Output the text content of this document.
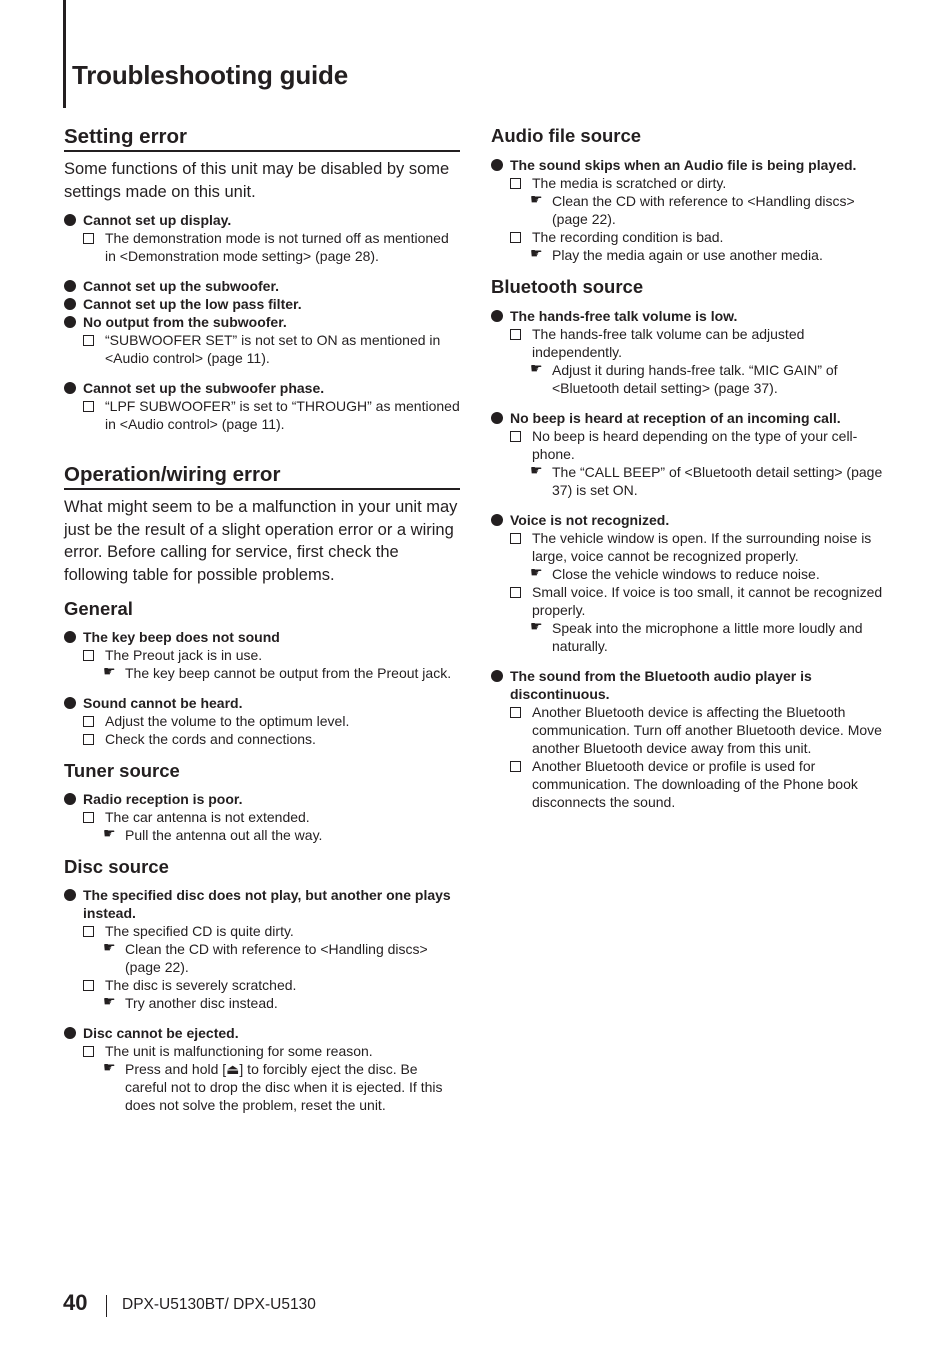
Troubleshooting guide
Setting error

Some functions of this unit may be disabled by some settings made on this unit.

Cannot set up display.
The demonstration mode is not turned off as mentioned in <Demonstration mode setting> (page 28).
Cannot set up the subwoofer.
Cannot set up the low pass filter.
No output from the subwoofer.
“SUBWOOFER SET” is not set to ON as mentioned in <Audio control> (page 11).
Cannot set up the subwoofer phase.
“LPF SUBWOOFER” is set to “THROUGH” as mentioned in <Audio control> (page 11).
Operation/wiring error

What might seem to be a malfunction in your unit may just be the result of a slight operation error or a wiring error. Before calling for service, first check the following table for possible problems.

General
The key beep does not sound
The Preout jack is in use.
☛ The key beep cannot be output from the Preout jack.
Sound cannot be heard.
Adjust the volume to the optimum level.
Check the cords and connections.
Tuner source
Radio reception is poor.
The car antenna is not extended.
☛ Pull the antenna out all the way.
Disc source
The specified disc does not play, but another one plays instead.
The specified CD is quite dirty.
☛ Clean the CD with reference to <Handling discs> (page 22).
The disc is severely scratched.
☛ Try another disc instead.
Disc cannot be ejected.
The unit is malfunctioning for some reason.
☛ Press and hold [⏏] to forcibly eject the disc. Be careful not to drop the disc when it is ejected. If this does not solve the problem, reset the unit.
Audio file source
The sound skips when an Audio file is being played.
The media is scratched or dirty.
☛ Clean the CD with reference to <Handling discs> (page 22).
The recording condition is bad.
☛ Play the media again or use another media.
Bluetooth source
The hands-free talk volume is low.
The hands-free talk volume can be adjusted independently.
☛ Adjust it during hands-free talk. “MIC GAIN” of <Bluetooth detail setting> (page 37).
No beep is heard at reception of an incoming call.
No beep is heard depending on the type of your cell-phone.
☛ The “CALL BEEP” of <Bluetooth detail setting> (page 37) is set ON.
Voice is not recognized.
The vehicle window is open. If the surrounding noise is large, voice cannot be recognized properly.
☛ Close the vehicle windows to reduce noise.
Small voice. If voice is too small, it cannot be recognized properly.
☛ Speak into the microphone a little more loudly and naturally.
The sound from the Bluetooth audio player is discontinuous.
Another Bluetooth device is affecting the Bluetooth communication. Turn off another Bluetooth device. Move another Bluetooth device away from this unit.
Another Bluetooth device or profile is used for communication. The downloading of the Phone book disconnects the sound.
40 DPX-U5130BT/ DPX-U5130
